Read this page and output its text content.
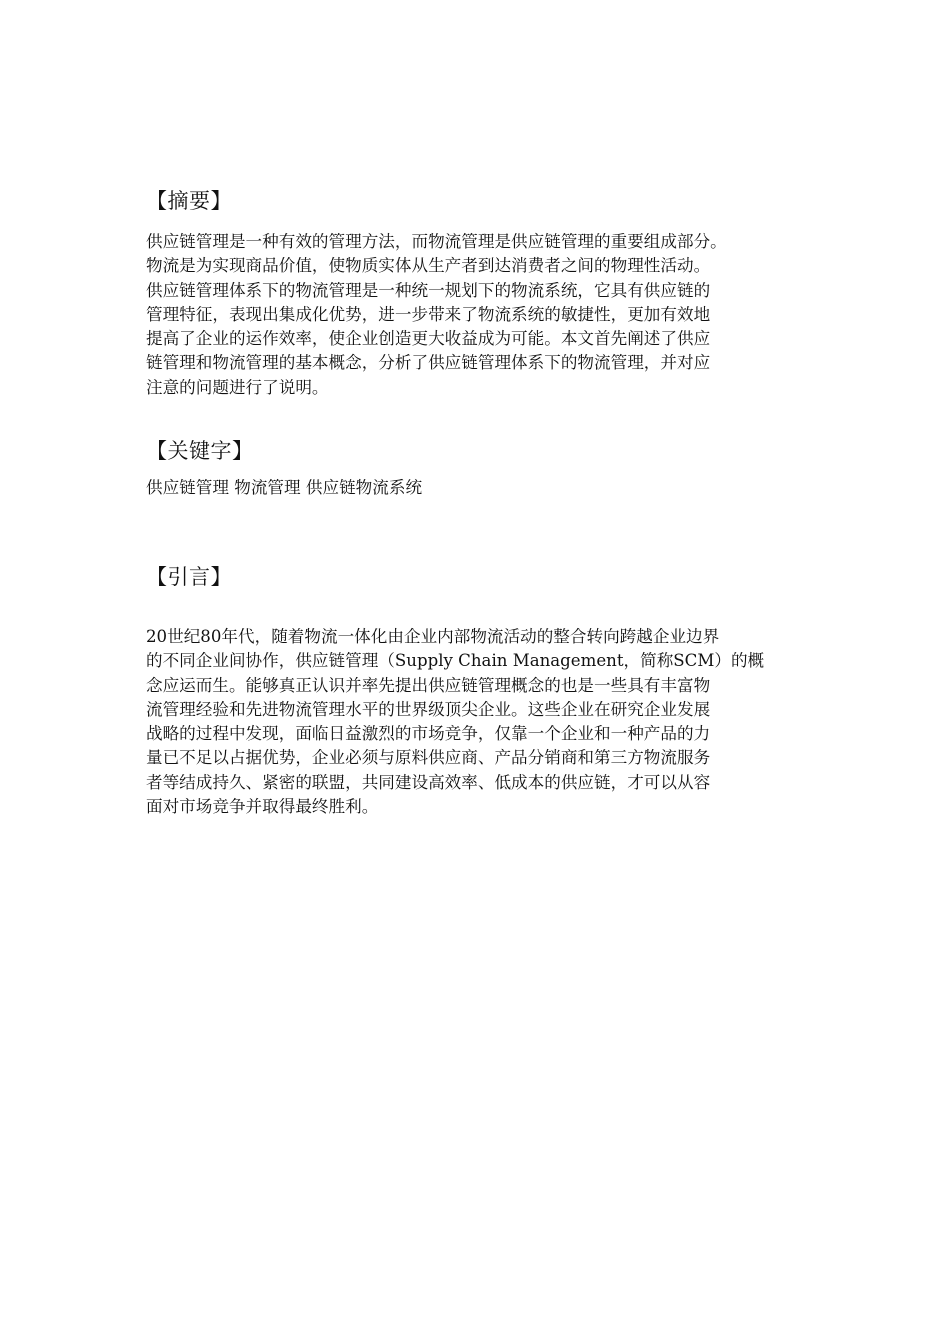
【摘要】
供应链管理是一种有效的管理方法，而物流管理是供应链管理的重要组成部分。
物流是为实现商品价值，使物质实体从生产者到达消费者之间的物理性活动。
供应链管理体系下的物流管理是一种统一规划下的物流系统，它具有供应链的
管理特征，表现出集成化优势，进一步带来了物流系统的敏捷性，更加有效地
提高了企业的运作效率，使企业创造更大收益成为可能。本文首先阐述了供应
链管理和物流管理的基本概念，分析了供应链管理体系下的物流管理，并对应
注意的问题进行了说明。
【关键字】
供应链管理 物流管理 供应链物流系统
【引言】
20世纪80年代，随着物流一体化由企业内部物流活动的整合转向跨越企业边界
的不同企业间协作，供应链管理（Supply Chain Management，简称SCM）的概
念应运而生。能够真正认识并率先提出供应链管理概念的也是一些具有丰富物
流管理经验和先进物流管理水平的世界级顶尖企业。这些企业在研究企业发展
战略的过程中发现，面临日益激烈的市场竞争，仅靠一个企业和一种产品的力
量已不足以占据优势，企业必须与原料供应商、产品分销商和第三方物流服务
者等结成持久、紧密的联盟，共同建设高效率、低成本的供应链，才可以从容
面对市场竞争并取得最终胜利。
